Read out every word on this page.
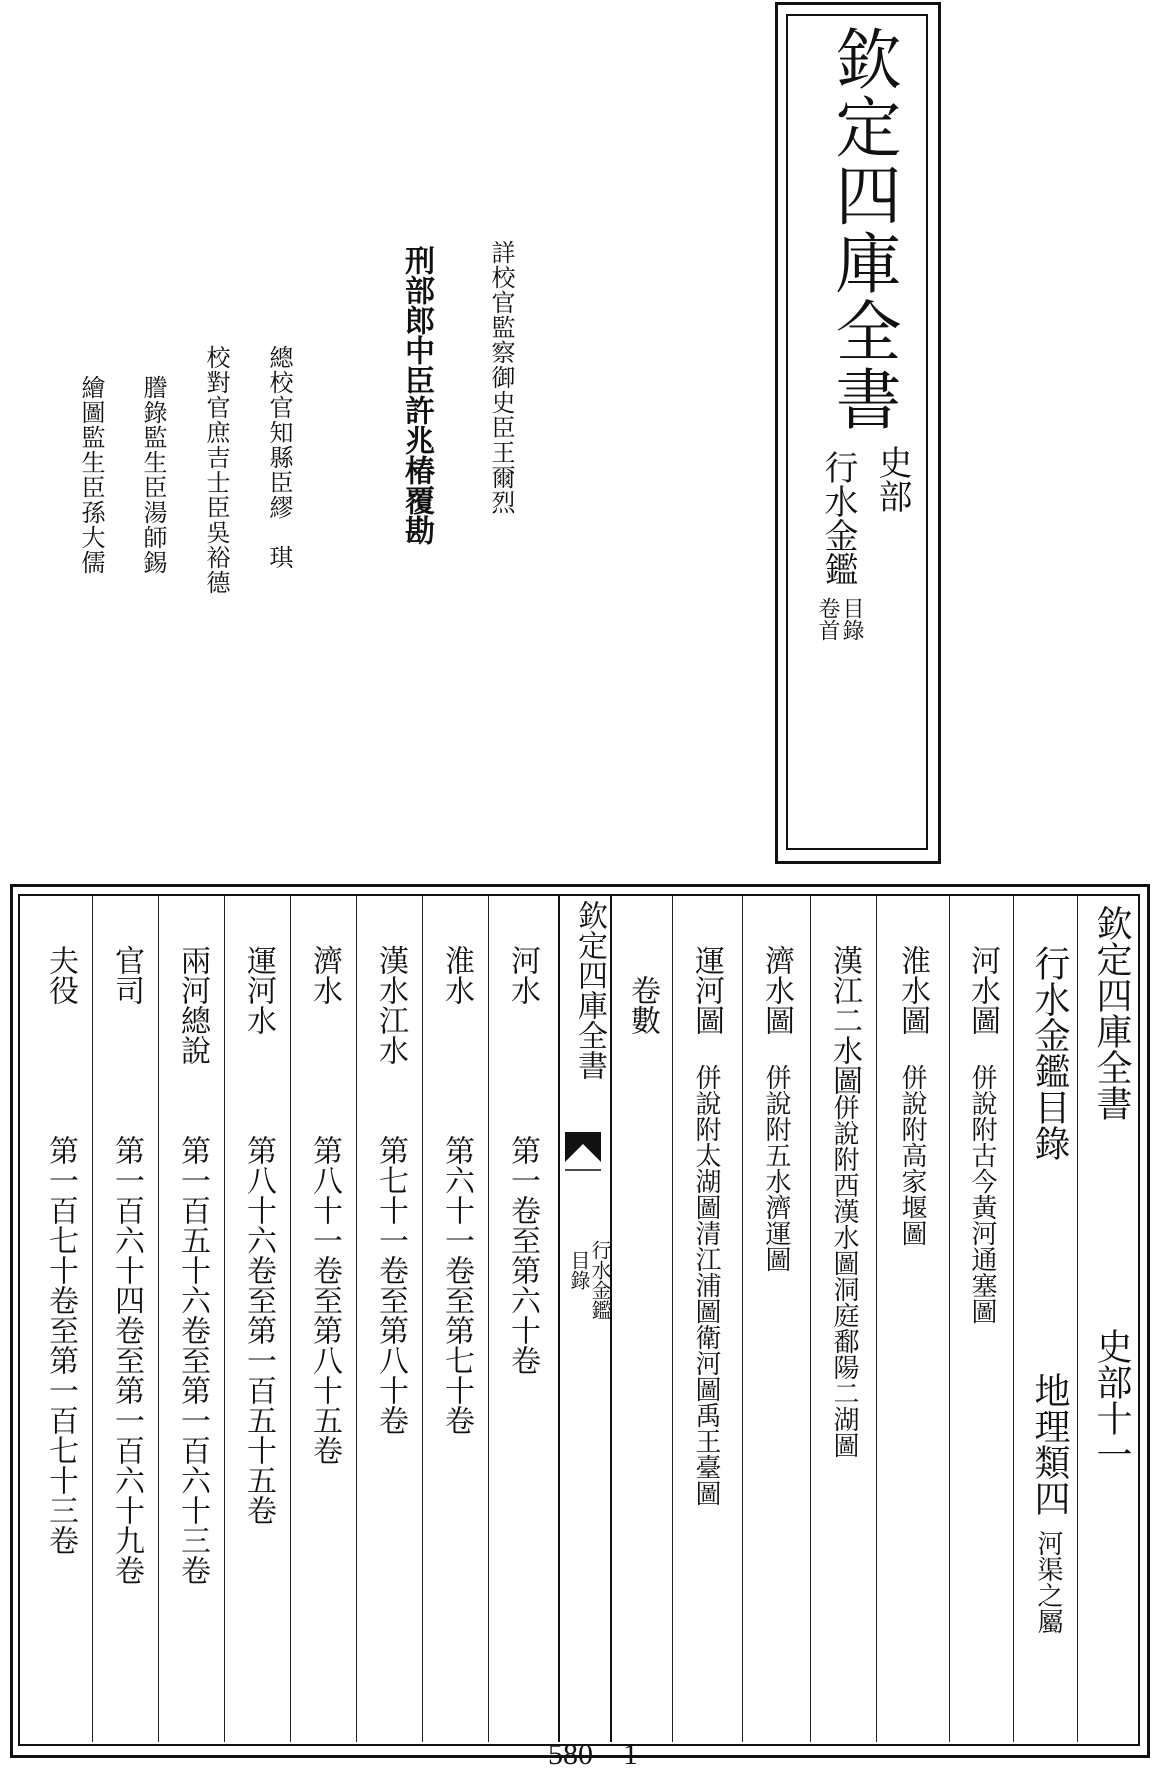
欽定四庫全書
史部
行水金鑑
目錄
卷首
詳校官監察御史臣王爾烈
刑部郎中臣許兆椿覆勘
總校官知縣臣繆　琪
校對官庶吉士臣吳裕德
謄錄監生臣湯師錫
繪圖監生臣孫大儒
欽定四庫全書
史部十一
行水金鑑目錄
地理類四
河渠之屬
河水圖
併說附古今黃河通塞圖
淮水圖
併說附高家堰圖
漢江二水圖
併說附西漢水圖洞庭鄱陽二湖圖
濟水圖
併說附五水濟運圖
運河圖
併說附太湖圖清江浦圖衛河圖禹王臺圖
卷數
欽定四庫全書
行水金鑑
目錄
河水
第一卷至第六十卷
淮水
第六十一卷至第七十卷
漢水江水
第七十一卷至第八十卷
濟水
第八十一卷至第八十五卷
運河水
第八十六卷至第一百五十五卷
兩河總說
第一百五十六卷至第一百六十三卷
官司
第一百六十四卷至第一百六十九卷
夫役
第一百七十卷至第一百七十三卷
580—1
